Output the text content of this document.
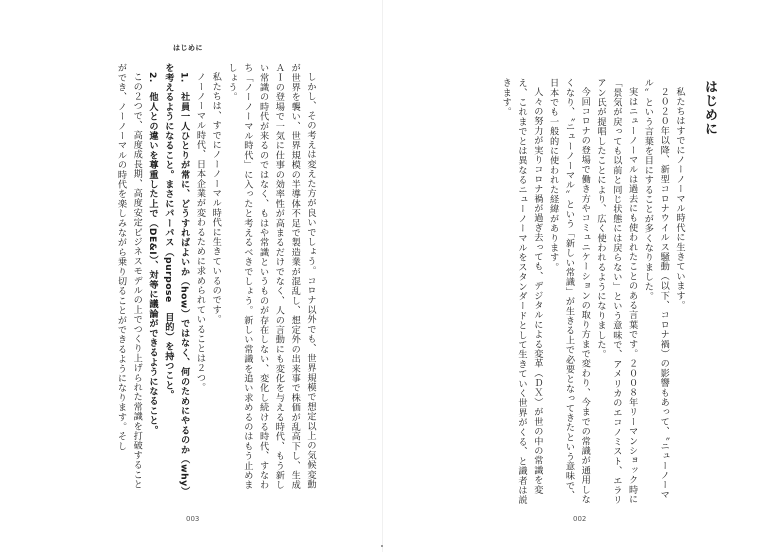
はじめに

しかし、その考えは変えた方が良いでしょう。コロナ以外でも、世界規模で想定以上の気候変動が世界を襲い、世界規模の半導体不足で製造業が混乱し、想定外の出来事で株価が乱高下し、生成ＡＩの登場で一気に仕事の効率性が高まるだけでなく、人の言動にも変化を与える時代、もう新しい常識の時代が来るのではなく、もはや常識というものが存在しない、変化し続ける時代、すなわち「ノーノーマル時代」に入ったと考えるべきでしょう。新しい常識を追い求めるのはもう止めましょう。

私たちは、すでにノーノーマル時代に生きているのです。

ノーノーマル時代、日本企業が変わるために求められていることは２つ。

1.社員一人ひとりが常に、どうすればよいか（how）ではなく、何のためにやるのか（why）を考えるようになること。まさにパーパス（purpose　目的）を持つこと。

2.他人との違いを尊重した上で（DE&I）、対等に議論ができるようになること。

この２つで、高度成長期、高度安定ビジネスモデルの上でつくり上げられた常識を打破することができ、ノーノーマルの時代を楽しみながら乗り切ることができるようになります。そし

003
はじめに

私たちはすでにノーノーマル時代に生きています。

２０２０年以降、新型コロナウイルス騒動（以下、コロナ禍）の影響もあって、〝ニューノーマル〟という言葉を目にすることが多くなりました。

実はニューノーマルは過去にも使われたことのある言葉です。２００８年リーマンショック時に「景気が戻っても以前と同じ状態には戻らない」という意味で、アメリカのエコノミスト、エラリアン氏が提唱したことにより、広く使われるようになりました。

今回コロナの登場で働き方やコミュニケーションの取り方まで変わり、今までの常識が通用しなくなり、〝ニューノーマル〟という「新しい常識」が生きる上で必要となってきたという意味で、日本でも一般的に使われた経緯があります。

人々の努力が実りコロナ禍が過ぎ去っても、デジタルによる変革（ＤＸ）が世の中の常識を変え、これまでとは異なるニューノーマルをスタンダードとして生きていく世界がくる、と識者は説きます。

002
